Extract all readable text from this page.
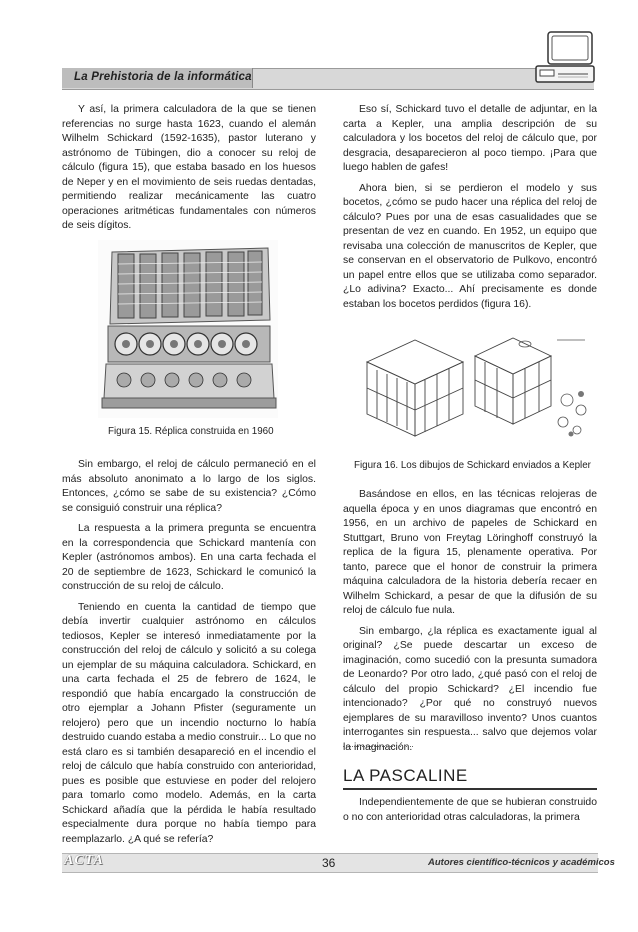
La Prehistoria de la informática

Y así, la primera calculadora de la que se tienen referencias no surge hasta 1623, cuando el alemán Wilhelm Schickard (1592-1635), pastor luterano y astrónomo de Tübingen, dio a conocer su reloj de cálculo (figura 15), que estaba basado en los huesos de Neper y en el movimiento de seis ruedas dentadas, permitiendo realizar mecánicamente las cuatro operaciones aritméticas fundamentales con números de seis dígitos.

Figura 15. Réplica construida en 1960

Sin embargo, el reloj de cálculo permaneció en el más absoluto anonimato a lo largo de los siglos. Entonces, ¿cómo se sabe de su existencia? ¿Cómo se consiguió construir una réplica?

La respuesta a la primera pregunta se encuentra en la correspondencia que Schickard mantenía con Kepler (astrónomos ambos). En una carta fechada el 20 de septiembre de 1623, Schickard le comunicó la construcción de su reloj de cálculo.

Teniendo en cuenta la cantidad de tiempo que debía invertir cualquier astrónomo en cálculos tediosos, Kepler se interesó inmediatamente por la construcción del reloj de cálculo y solicitó a su colega un ejemplar de su máquina calculadora. Schickard, en una carta fechada el 25 de febrero de 1624, le respondió que había encargado la construcción de otro ejemplar a Johann Pfister (seguramente un relojero) pero que un incendio nocturno lo había destruido cuando estaba a medio construir... Lo que no está claro es si también desapareció en el incendio el reloj de cálculo que había construido con anterioridad, pues es posible que estuviese en poder del relojero para tomarlo como modelo. Además, en la carta Schickard añadía que la pérdida le había resultado especialmente dura porque no había tiempo para reemplazarlo. ¿A qué se refería?

Eso sí, Schickard tuvo el detalle de adjuntar, en la carta a Kepler, una amplia descripción de su calculadora y los bocetos del reloj de cálculo que, por desgracia, desaparecieron al poco tiempo. ¡Para que luego hablen de gafes!

Ahora bien, si se perdieron el modelo y sus bocetos, ¿cómo se pudo hacer una réplica del reloj de cálculo? Pues por una de esas casualidades que se presentan de vez en cuando. En 1952, un equipo que revisaba una colección de manuscritos de Kepler, que se conservan en el observatorio de Pulkovo, encontró un papel entre ellos que se utilizaba como separador. ¿Lo adivina? Exacto... Ahí precisamente es donde estaban los bocetos perdidos (figura 16).

Figura 16. Los dibujos de Schickard enviados a Kepler

Basándose en ellos, en las técnicas relojeras de aquella época y en unos diagramas que encontró en 1956, en un archivo de papeles de Schickard en Stuttgart, Bruno von Freytag Löringhoff construyó la replica de la figura 15, plenamente operativa. Por tanto, parece que el honor de construir la primera máquina calculadora de la historia debería recaer en Wilhelm Schickard, a pesar de que la difusión de su reloj de cálculo fue nula.

Sin embargo, ¿la réplica es exactamente igual al original? ¿Se puede descartar un exceso de imaginación, como sucedió con la presunta sumadora de Leonardo? Por otro lado, ¿qué pasó con el reloj de cálculo del propio Schickard? ¿El incendio fue intencionado? ¿Por qué no construyó nuevos ejemplares de su maravilloso invento? Unos cuantos interrogantes sin respuesta... salvo que dejemos volar la imaginación.

LA PASCALINE

Independientemente de que se hubieran construido o no con anterioridad otras calculadoras, la primera

ACTA	36	Autores científico-técnicos y académicos
